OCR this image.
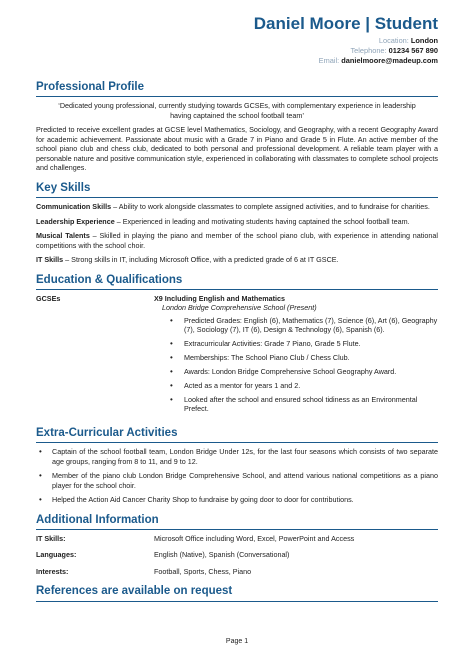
Daniel Moore | Student
Location: London
Telephone: 01234 567 890
Email: danielmoore@madeup.com
Professional Profile
‘Dedicated young professional, currently studying towards GCSEs, with complementary experience in leadership having captained the school football team’
Predicted to receive excellent grades at GCSE level Mathematics, Sociology, and Geography, with a recent Geography Award for academic achievement. Passionate about music with a Grade 7 in Piano and Grade 5 in Flute. An active member of the school piano club and chess club, dedicated to both personal and professional development. A reliable team player with a personable nature and positive communication style, experienced in collaborating with classmates to complete school projects and challenges.
Key Skills
Communication Skills – Ability to work alongside classmates to complete assigned activities, and to fundraise for charities.
Leadership Experience – Experienced in leading and motivating students having captained the school football team.
Musical Talents – Skilled in playing the piano and member of the school piano club, with experience in attending national competitions with the school choir.
IT Skills – Strong skills in IT, including Microsoft Office, with a predicted grade of 6 at IT GSCE.
Education & Qualifications
GCSEs	X9 Including English and Mathematics
London Bridge Comprehensive School (Present)
• Predicted Grades: English (6), Mathematics (7), Science (6), Art (6), Geography (7), Sociology (7), IT (6), Design & Technology (6), Spanish (6).
• Extracurricular Activities: Grade 7 Piano, Grade 5 Flute.
• Memberships: The School Piano Club / Chess Club.
• Awards: London Bridge Comprehensive School Geography Award.
• Acted as a mentor for years 1 and 2.
• Looked after the school and ensured school tidiness as an Environmental Prefect.
Extra-Curricular Activities
• Captain of the school football team, London Bridge Under 12s, for the last four seasons which consists of two separate age groups, ranging from 8 to 11, and 9 to 12.
• Member of the piano club London Bridge Comprehensive School, and attend various national competitions as a piano player for the school choir.
• Helped the Action Aid Cancer Charity Shop to fundraise by going door to door for contributions.
Additional Information
IT Skills:	Microsoft Office including Word, Excel, PowerPoint and Access
Languages:	English (Native), Spanish (Conversational)
Interests:	Football, Sports, Chess, Piano
References are available on request
Page 1
